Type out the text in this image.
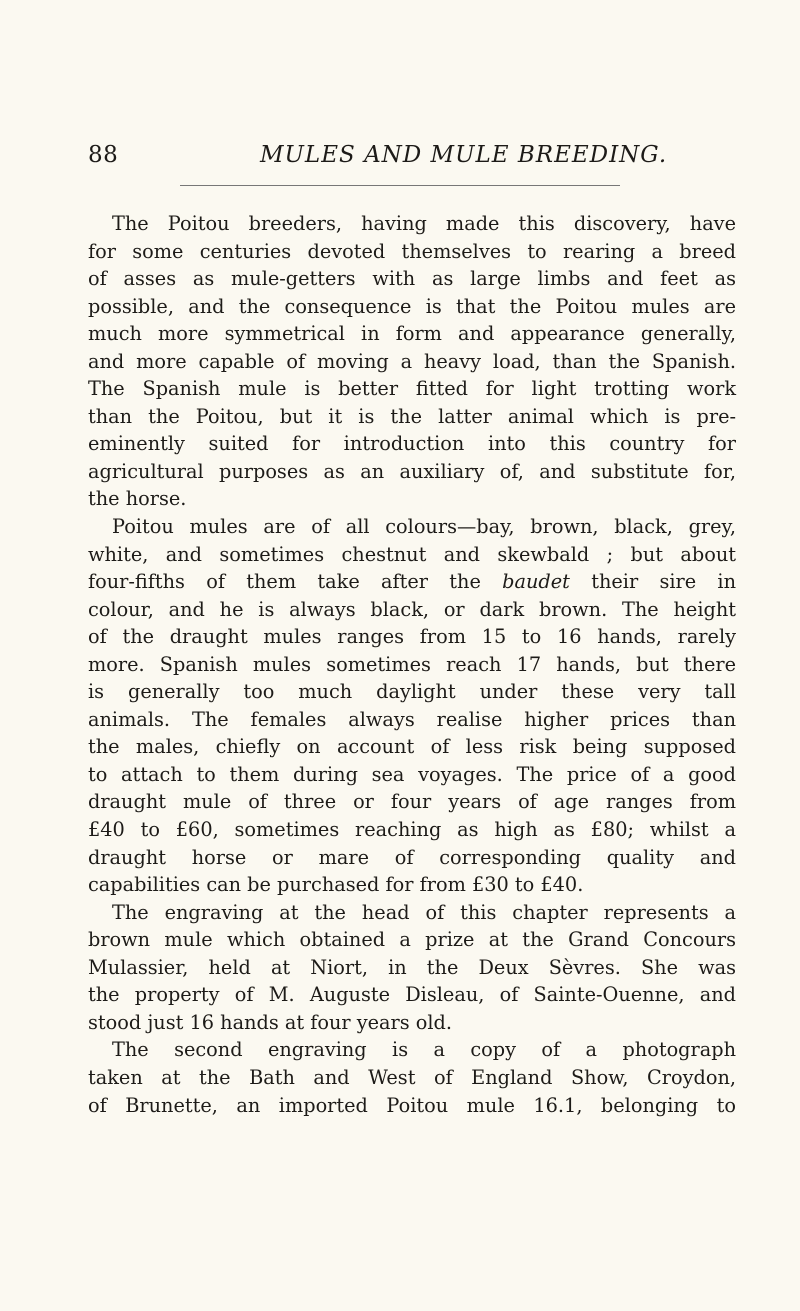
88	MULES AND MULE BREEDING.
The Poitou breeders, having made this discovery, have
for some centuries devoted themselves to rearing a breed
of asses as mule-getters with as large limbs and feet as
possible, and the consequence is that the Poitou mules are
much more symmetrical in form and appearance generally,
and more capable of moving a heavy load, than the Spanish.
The Spanish mule is better fitted for light trotting work
than the Poitou, but it is the latter animal which is pre-
eminently suited for introduction into this country for
agricultural purposes as an auxiliary of, and substitute for,
the horse.
Poitou mules are of all colours—bay, brown, black, grey,
white, and sometimes chestnut and skewbald ; but about
four-fifths of them take after the baudet their sire in
colour, and he is always black, or dark brown. The height
of the draught mules ranges from 15 to 16 hands, rarely
more. Spanish mules sometimes reach 17 hands, but there
is generally too much daylight under these very tall
animals. The females always realise higher prices than
the males, chiefly on account of less risk being supposed
to attach to them during sea voyages. The price of a good
draught mule of three or four years of age ranges from
£40 to £60, sometimes reaching as high as £80; whilst a
draught horse or mare of corresponding quality and
capabilities can be purchased for from £30 to £40.
The engraving at the head of this chapter represents a
brown mule which obtained a prize at the Grand Concours
Mulassier, held at Niort, in the Deux Sèvres. She was
the property of M. Auguste Disleau, of Sainte-Ouenne, and
stood just 16 hands at four years old.
The second engraving is a copy of a photograph
taken at the Bath and West of England Show, Croydon,
of Brunette, an imported Poitou mule 16.1, belonging to
